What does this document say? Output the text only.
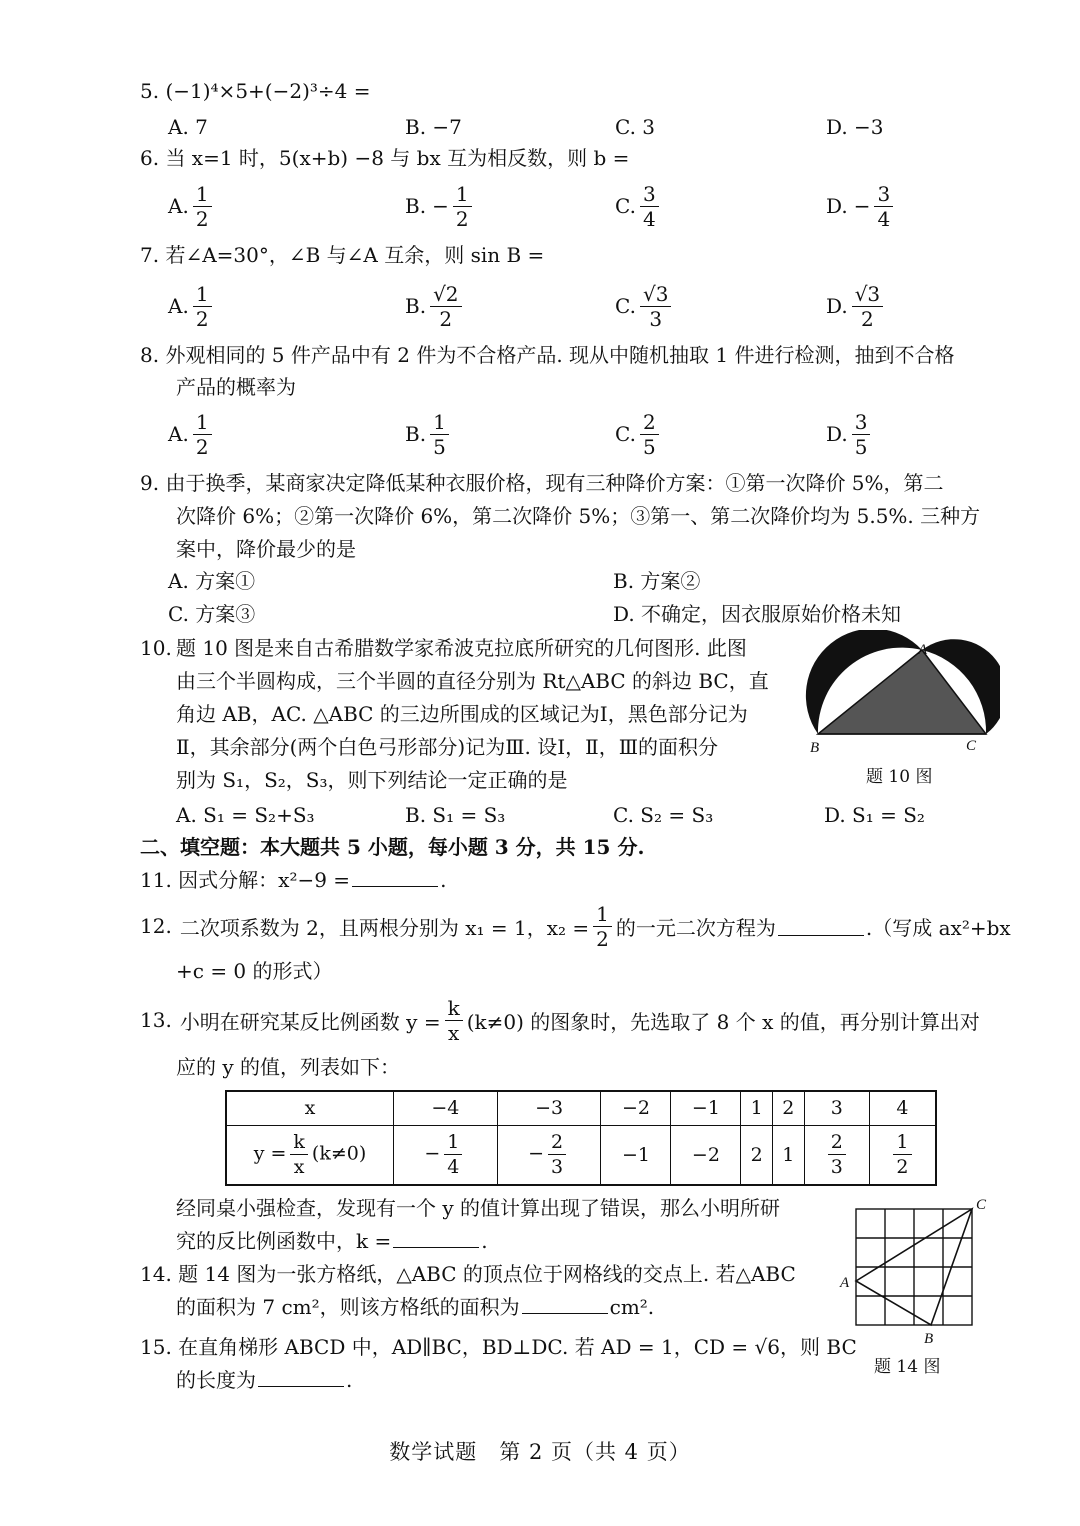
5. (−1)⁴×5+(−2)³÷4 =
A. 7	B. −7	C. 3	D. −3
6. 当 x=1 时，5(x+b) −8 与 bx 互为相反数，则 b =
A. $\frac{1}{2}$	B. − $\frac{1}{2}$	C. $\frac{3}{4}$	D. − $\frac{3}{4}$
7. 若∠A=30°，∠B 与∠A 互余，则 sin B =
A. $\frac{1}{2}$	B. $\frac{√2}{2}$	C. $\frac{√3}{3}$	D. $\frac{√3}{2}$
8. 外观相同的 5 件产品中有 2 件为不合格产品. 现从中随机抽取 1 件进行检测，抽到不合格
产品的概率为
A. $\frac{1}{2}$	B. $\frac{1}{5}$	C. $\frac{2}{5}$	D. $\frac{3}{5}$
9. 由于换季，某商家决定降低某种衣服价格，现有三种降价方案：①第一次降价 5%，第二
次降价 6%；②第一次降价 6%，第二次降价 5%；③第一、第二次降价均为 5.5%. 三种方
案中，降价最少的是
A. 方案①	B. 方案②
C. 方案③	D. 不确定，因衣服原始价格未知
10. 题 10 图是来自古希腊数学家希波克拉底所研究的几何图形. 此图
由三个半圆构成，三个半圆的直径分别为 Rt△ABC 的斜边 BC，直
角边 AB，AC. △ABC 的三边所围成的区域记为Ⅰ，黑色部分记为
Ⅱ，其余部分(两个白色弓形部分)记为Ⅲ. 设Ⅰ，Ⅱ，Ⅲ的面积分
别为 S₁，S₂，S₃，则下列结论一定正确的是
A. S₁ = S₂+S₃	B. S₁ = S₃	C. S₂ = S₃	D. S₁ = S₂
A
B	C
题 10 图
二、填空题：本大题共 5 小题，每小题 3 分，共 15 分.
11. 因式分解：x²−9 =	.
12. 二次项系数为 2，且两根分别为 x₁ = 1，$x_2 = \frac{1}{2}$ 的一元二次方程为	.（写成 ax²+bx
+c = 0 的形式）
13. 小明在研究某反比例函数 $y = \frac{k}{x} (k\ne 0)$ 的图象时，先选取了 8 个 x 的值，再分别计算出对
应的 y 的值，列表如下：
x	−4	−3	−2	−1	1	2	3	4
$y = \frac{k}{x} (k\ne 0)$	− $\frac{1}{4}$	− $\frac{2}{3}$	−1	−2	2	1	$\frac{2}{3}$	$\frac{1}{2}$
经同桌小强检查，发现有一个 y 的值计算出现了错误，那么小明所研
究的反比例函数中，k =	.
14. 题 14 图为一张方格纸，△ABC 的顶点位于网格线的交点上. 若△ABC
的面积为 7 cm²，则该方格纸的面积为	cm².
A
B
C
题 14 图
15. 在直角梯形 ABCD 中，AD∥BC，BD⊥DC. 若 AD = 1，CD = √6，则 BC
的长度为	.
数学试题　第 2 页（共 4 页）
